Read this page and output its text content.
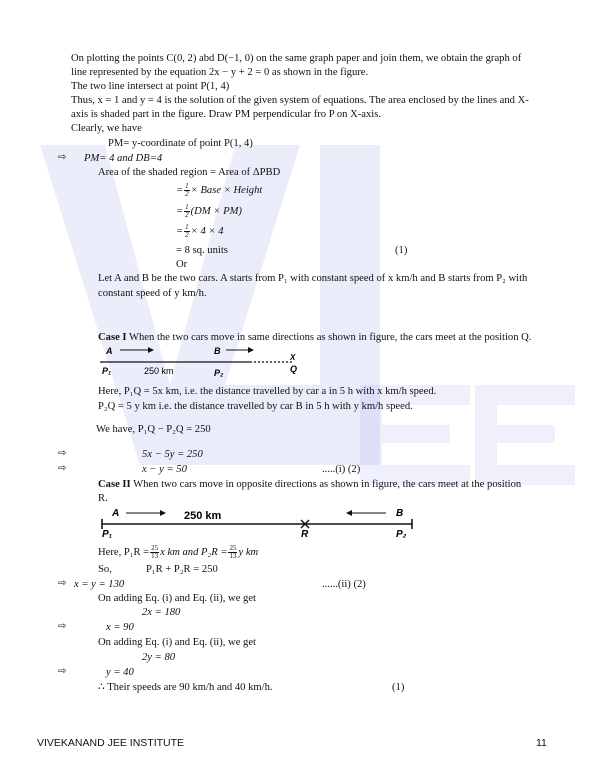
On plotting the points C(0, 2) abd D(−1, 0) on the same graph paper and join them, we obtain the graph of
line represented by the equation 2x − y + 2 = 0 as shown in the figure.
The two line intersect at point P(1, 4)
Thus, x = 1 and y = 4 is the solution of the given system of equations. The area enclosed by the lines and X-
axis is shaded part in the figure. Draw PM perpendicular fro P on X-axis.
Clearly, we have
PM= y-coordinate of point P(1, 4)
⇨ PM= 4 and DB=4
Area of the shaded region = Area of ΔPBD
= $\frac{1}{2}$ × Base × Height
= $\frac{1}{2} (DM \times PM)$
= $\frac{1}{2} \times 4 \times 4$
= 8 sq. units	(1)
Or
Let A and B be the two cars. A starts from P₁ with constant speed of x km/h and B starts from P₂ with
constant speed of y km/h.
Case I When the two cars move in same directions as shown in figure, the cars meet at the position Q.
A	B
X
P₁	250 km	P₂	Q
Here, P₁Q = 5x km, i.e. the distance travelled by car a in 5 h with x km/h speed.
P₂Q = 5 y km i.e. the distance travelled by car B in 5 h with y km/h speed.
We have, P₁Q − P₂Q = 250
⇨	5x − 5y = 250
⇨	x − y = 50	.....(i) (2)
Case II When two cars move in opposite directions as shown in figure, the cars meet at the position
R.
A	250 km	B
P₁	R	P₂
Here, $P_1R = \frac{25}{13}$ x km and $P_2R = \frac{25}{13}$ y km
So,	P₁R + P₂R = 250
⇨ x = y = 130	......(ii) (2)
On adding Eq. (i) and Eq. (ii), we get
2x = 180
⇨	x = 90
On adding Eq. (i) and Eq. (ii), we get
2y = 80
⇨	y = 40
∴ Their speeds are 90 km/h and 40 km/h.	(1)
VIVEKANAND JEE INSTITUTE	11
